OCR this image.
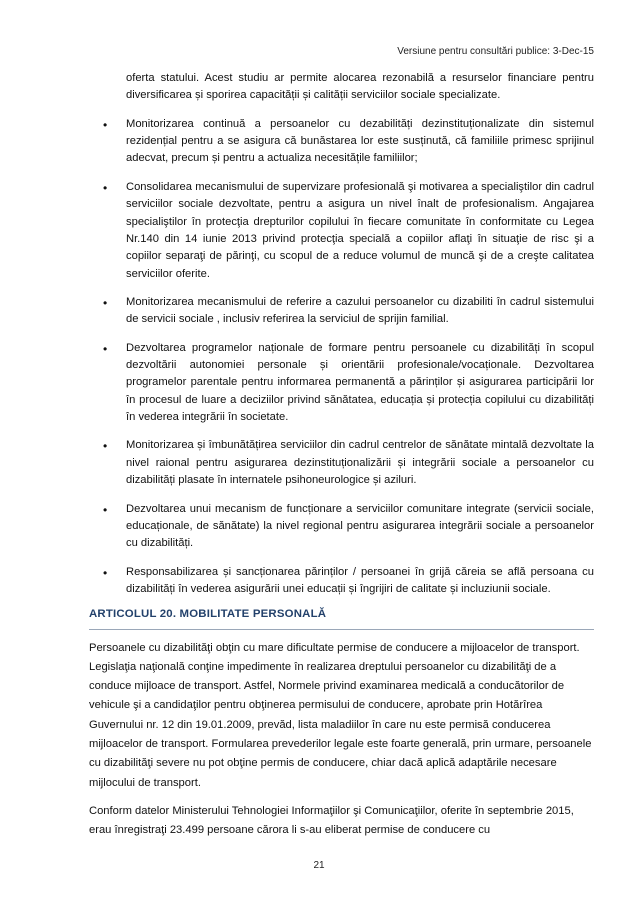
Versiune pentru consultări publice: 3-Dec-15

oferta statului. Acest studiu ar permite alocarea rezonabilă a resurselor financiare pentru diversificarea și sporirea capacității și calității serviciilor sociale specializate.

• Monitorizarea continuă a persoanelor cu dezabilități dezinstituționalizate din sistemul rezidențial pentru a se asigura că bunăstarea lor este susținută, că familiile primesc sprijinul adecvat, precum și pentru a actualiza necesitățile familiilor;
• Consolidarea mecanismului de supervizare profesională şi motivarea a specialiştilor din cadrul serviciilor sociale dezvoltate, pentru a asigura un nivel înalt de profesionalism. Angajarea specialiştilor în protecţia drepturilor copilului în fiecare comunitate în conformitate cu Legea Nr.140 din 14 iunie 2013 privind protecţia specială a copiilor aflaţi în situaţie de risc şi a copiilor separaţi de părinţi, cu scopul de a reduce volumul de muncă şi de a creşte calitatea serviciilor oferite.
• Monitorizarea mecanismului de referire a cazului persoanelor cu dizabiliti în cadrul sistemului de servicii sociale , inclusiv referirea la serviciul de sprijin familial.
• Dezvoltarea programelor naționale de formare pentru persoanele cu dizabilități în scopul dezvoltării autonomiei personale și orientării profesionale/vocaționale. Dezvoltarea programelor parentale pentru informarea permanentă a părinților și asigurarea participării lor în procesul de luare a deciziilor privind sănătatea, educația și protecția copilului cu dizabilități în vederea integrării în societate.
• Monitorizarea și îmbunătățirea serviciilor din cadrul centrelor de sănătate mintală dezvoltate la nivel raional pentru asigurarea dezinstituționalizării și integrării sociale a persoanelor cu dizabilități plasate în internatele psihoneurologice și aziluri.
• Dezvoltarea unui mecanism de funcționare a serviciilor comunitare integrate (servicii sociale, educaționale, de sănătate) la nivel regional pentru asigurarea integrării sociale a persoanelor cu dizabilități.
• Responsabilizarea și sancționarea părinților / persoanei în grijă căreia se află persoana cu dizabilități în vederea asigurării unei educații și îngrijiri de calitate și incluziunii sociale.
ARTICOLUL 20. MOBILITATE PERSONALĂ

Persoanele cu dizabilităţi obţin cu mare dificultate permise de conducere a mijloacelor de transport. Legislaţia naţională conţine impedimente în realizarea dreptului persoanelor cu dizabilităţi de a conduce mijloace de transport. Astfel, Normele privind examinarea medicală a conducătorilor de vehicule şi a candidaţilor pentru obţinerea permisului de conducere, aprobate prin Hotărîrea Guvernului nr. 12 din 19.01.2009, prevăd, lista maladiilor în care nu este permisă conducerea mijloacelor de transport. Formularea prevederilor legale este foarte generală, prin urmare, persoanele cu dizabilităţi severe nu pot obţine permis de conducere, chiar dacă aplică adaptările necesare mijlocului de transport.

Conform datelor Ministerului Tehnologiei Informaţiilor şi Comunicaţiilor, oferite în septembrie 2015, erau înregistraţi 23.499 persoane cărora li s-au eliberat permise de conducere cu

21
